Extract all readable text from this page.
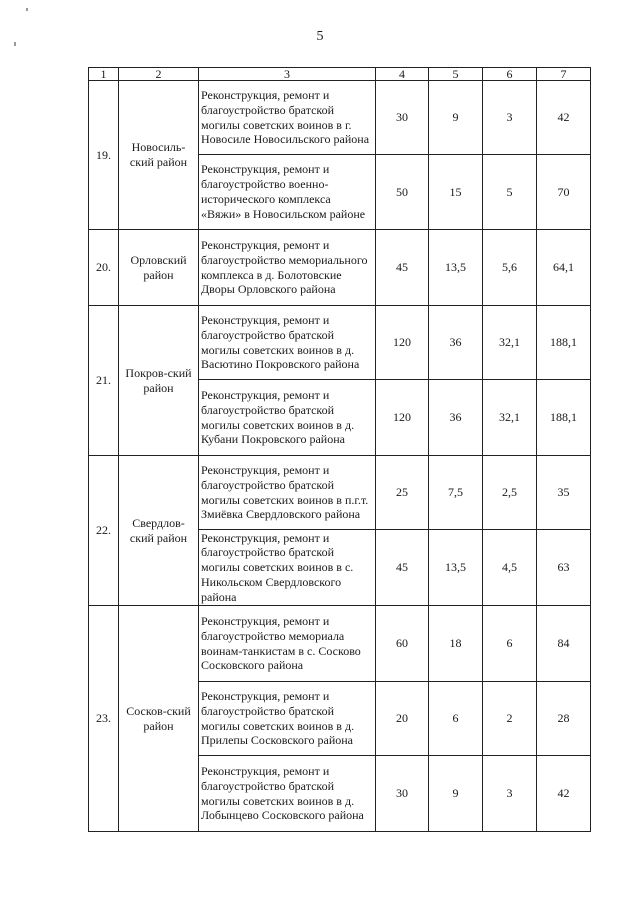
5
1	2	3	4	5	6	7
19.	Новосиль-ский район	Реконструкция, ремонт и благоустройство братской могилы советских воинов в г. Новосиле Новосильского района	30	9	3	42
		Реконструкция, ремонт и благоустройство военно-исторического комплекса «Вяжи» в Новосильском районе	50	15	5	70
20.	Орловский район	Реконструкция, ремонт и благоустройство мемориального комплекса в д. Болотовские Дворы Орловского района	45	13,5	5,6	64,1
21.	Покров-ский район	Реконструкция, ремонт и благоустройство братской могилы советских воинов в д. Васютино Покровского района	120	36	32,1	188,1
		Реконструкция, ремонт и благоустройство братской могилы советских воинов в д. Кубани Покровского района	120	36	32,1	188,1
22.	Свердлов-ский район	Реконструкция, ремонт и благоустройство братской могилы советских воинов в п.г.т. Змиёвка Свердловского района	25	7,5	2,5	35
		Реконструкция, ремонт и благоустройство братской могилы советских воинов в с. Никольском Свердловского района	45	13,5	4,5	63
23.	Сосков-ский район	Реконструкция, ремонт и благоустройство мемориала воинам-танкистам в с. Сосково Сосковского района	60	18	6	84
		Реконструкция, ремонт и благоустройство братской могилы советских воинов в д. Прилепы Сосковского района	20	6	2	28
		Реконструкция, ремонт и благоустройство братской могилы советских воинов в д. Лобынцево Сосковского района	30	9	3	42
